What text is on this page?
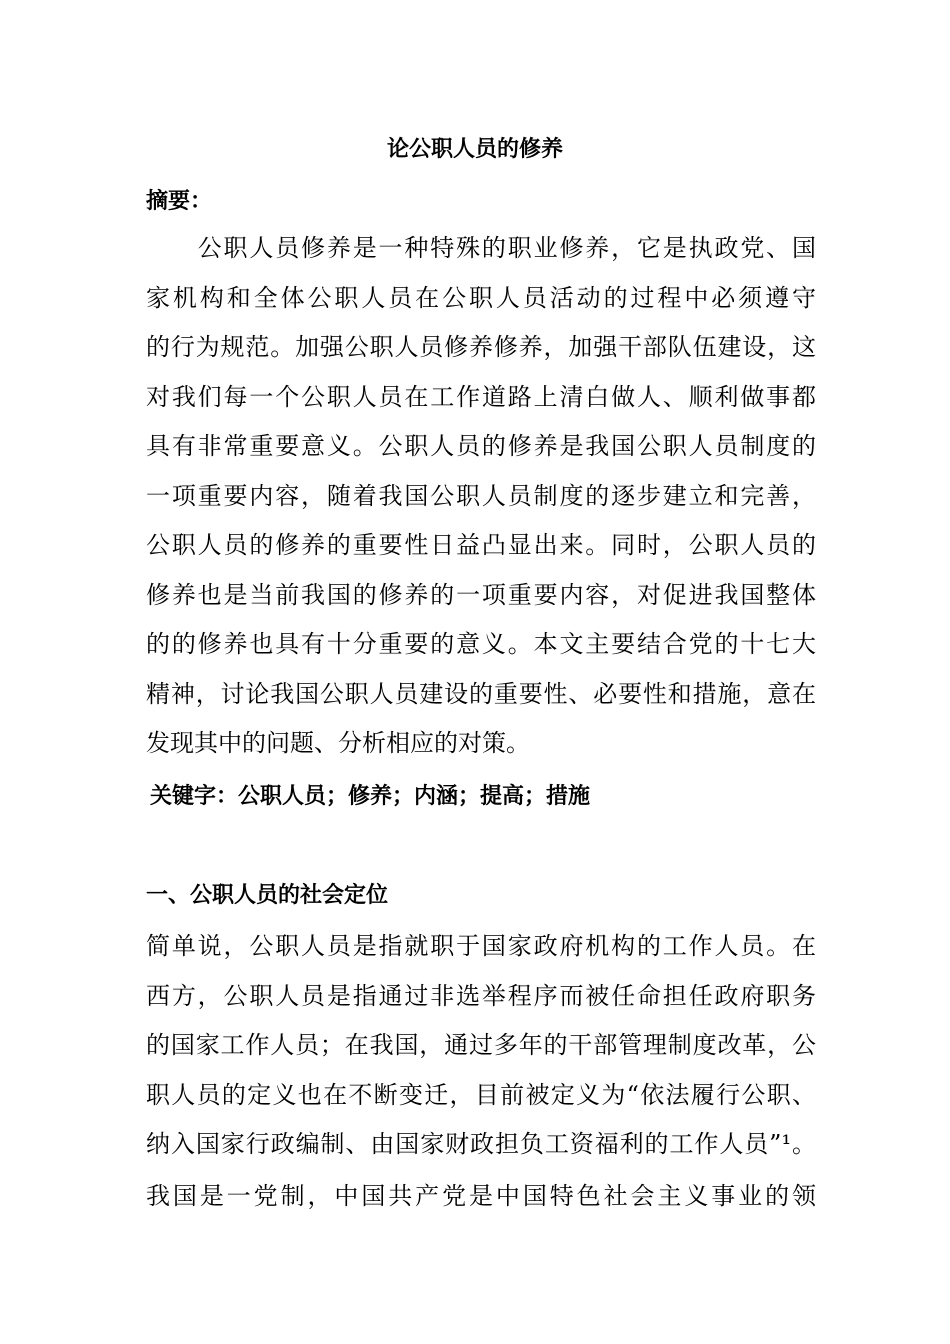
论公职人员的修养
摘要：
　　公职人员修养是一种特殊的职业修养，它是执政党、国
家机构和全体公职人员在公职人员活动的过程中必须遵守
的行为规范。加强公职人员修养修养，加强干部队伍建设，这
对我们每一个公职人员在工作道路上清白做人、顺利做事都
具有非常重要意义。公职人员的修养是我国公职人员制度的
一项重要内容，随着我国公职人员制度的逐步建立和完善，
公职人员的修养的重要性日益凸显出来。同时，公职人员的
修养也是当前我国的修养的一项重要内容，对促进我国整体
的的修养也具有十分重要的意义。本文主要结合党的十七大
精神，讨论我国公职人员建设的重要性、必要性和措施，意在
发现其中的问题、分析相应的对策。
关键字：公职人员；修养；内涵；提高；措施
一、公职人员的社会定位
简单说，公职人员是指就职于国家政府机构的工作人员。在
西方，公职人员是指通过非选举程序而被任命担任政府职务
的国家工作人员；在我国，通过多年的干部管理制度改革，公
职人员的定义也在不断变迁，目前被定义为“依法履行公职、
纳入国家行政编制、由国家财政担负工资福利的工作人员”¹。
我国是一党制，中国共产党是中国特色社会主义事业的领
